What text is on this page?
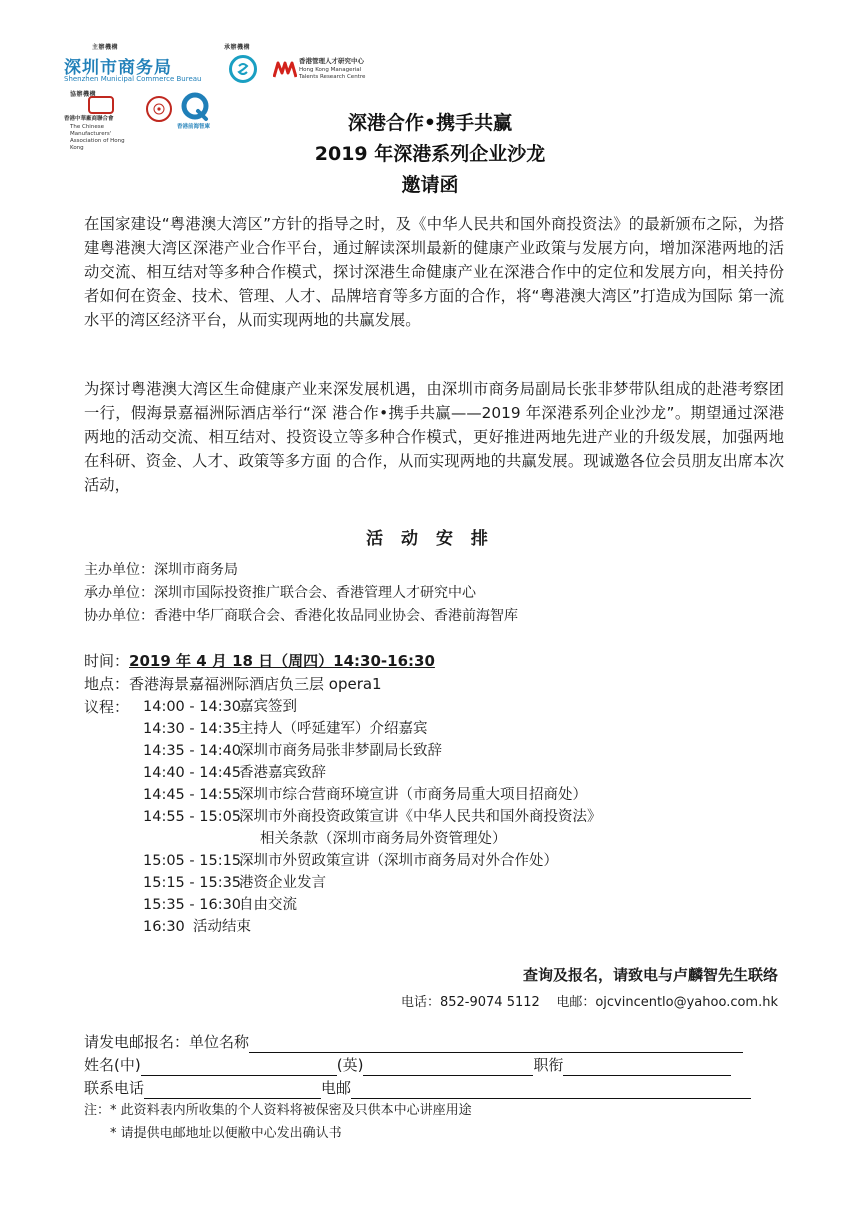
主辦機構
深圳市商务局
Shenzhen Municipal Commerce Bureau
協辦機構
香港中華廠商聯合會
The Chinese Manufacturers' Association of Hong Kong
香港前海智庫
承辦機構
香港管理人才研究中心
Hong Kong Managerial Talents Research Centre
深港合作•携手共赢
2019 年深港系列企业沙龙
邀请函
在国家建设“粤港澳大湾区”方针的指导之时，及《中华人民共和国外商投资法》的最新颁布之际，为搭建粤港澳大湾区深港产业合作平台，通过解读深圳最新的健康产业政策与发展方向，增加深港两地的活动交流、相互结对等多种合作模式，探讨深港生命健康产业在深港合作中的定位和发展方向，相关持份者如何在资金、技术、管理、人才、品牌培育等多方面的合作，将“粤港澳大湾区”打造成为国际 第一流水平的湾区经济平台，从而实现两地的共赢发展。
为探讨粤港澳大湾区生命健康产业来深发展机遇，由深圳市商务局副局长张非梦带队组成的赴港考察团一行，假海景嘉福洲际酒店举行“深 港合作•携手共赢——2019 年深港系列企业沙龙”。期望通过深港两地的活动交流、相互结对、投资设立等多种合作模式，更好推进两地先进产业的升级发展，加强两地在科研、资金、人才、政策等多方面 的合作，从而实现两地的共赢发展。现诚邀各位会员朋友出席本次活动，
活 动 安 排
主办单位：深圳市商务局
承办单位：深圳市国际投资推广联合会、香港管理人才研究中心
协办单位：香港中华厂商联合会、香港化妆品同业协会、香港前海智库
时间：2019 年 4 月 18 日（周四）14:30-16:30
地点：香港海景嘉福洲际酒店负三层 opera1
议程： 14:00 - 14:30嘉宾签到
14:30 - 14:35主持人（呼延建军）介绍嘉宾
14:35 - 14:40深圳市商务局张非梦副局长致辞
14:40 - 14:45香港嘉宾致辞
14:45 - 14:55深圳市综合营商环境宣讲（市商务局重大项目招商处）
14:55 - 15:05深圳市外商投资政策宣讲《中华人民共和国外商投资法》
相关条款（深圳市商务局外资管理处）
15:05 - 15:15深圳市外贸政策宣讲（深圳市商务局对外合作处）
15:15 - 15:35港资企业发言
15:35 - 16:30自由交流
16:30 活动结束
查询及报名，请致电与卢麟智先生联络
电话：852-9074 5112 电邮：ojcvincentlo@yahoo.com.hk
请发电邮报名：单位名称
姓名(中)	(英)	职衔
联系电话	电邮
注：* 此资料表内所收集的个人资料将被保密及只供本中心讲座用途
* 请提供电邮地址以便敝中心发出确认书
